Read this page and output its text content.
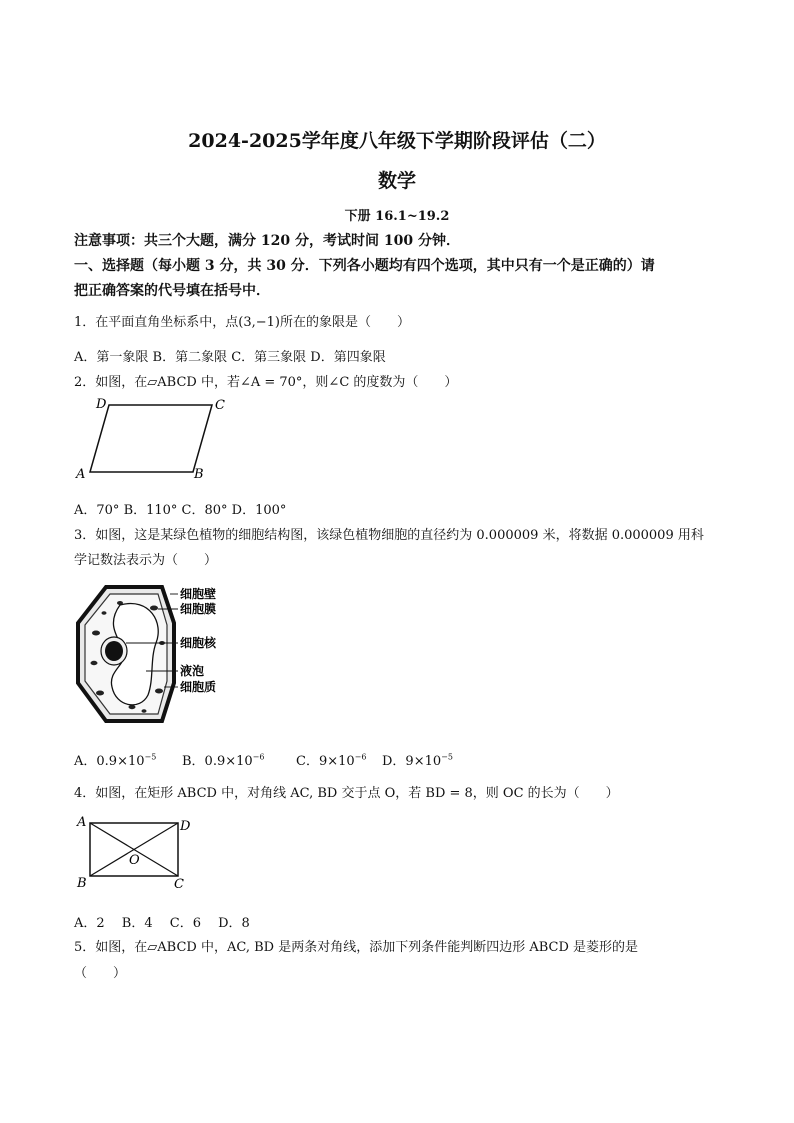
2024-2025学年度八年级下学期阶段评估（二）
数学
下册 16.1~19.2
注意事项：共三个大题，满分 120 分，考试时间 100 分钟．
一、选择题（每小题 3 分，共 30 分．下列各小题均有四个选项，其中只有一个是正确的）请
把正确答案的代号填在括号中．
1．在平面直角坐标系中，点(3,−1)所在的象限是（　　）
A．第一象限 B．第二象限 C．第三象限 D．第四象限
2．如图，在▱ABCD 中，若∠A = 70°，则∠C 的度数为（　　）
A	B
C
D
A．70° B．110° C．80° D．100°
3．如图，这是某绿色植物的细胞结构图，该绿色植物细胞的直径约为 0.000009 米，将数据 0.000009 用科
学记数法表示为（　　）
细胞壁
细胞膜
细胞核
液泡
细胞质
A．$0.9\times 10^{-5}$ B．$0.9\times 10^{-6}$ C．$9\times 10^{-6}$ D．$9\times 10^{-5}$
4．如图，在矩形 ABCD 中，对角线 AC, BD 交于点 O，若 BD = 8，则 OC 的长为（　　）
A	D
B	C
O
A．2　 B．4　 C．6　 D．8
5．如图，在▱ABCD 中，AC, BD 是两条对角线，添加下列条件能判断四边形 ABCD 是菱形的是
（　　）
